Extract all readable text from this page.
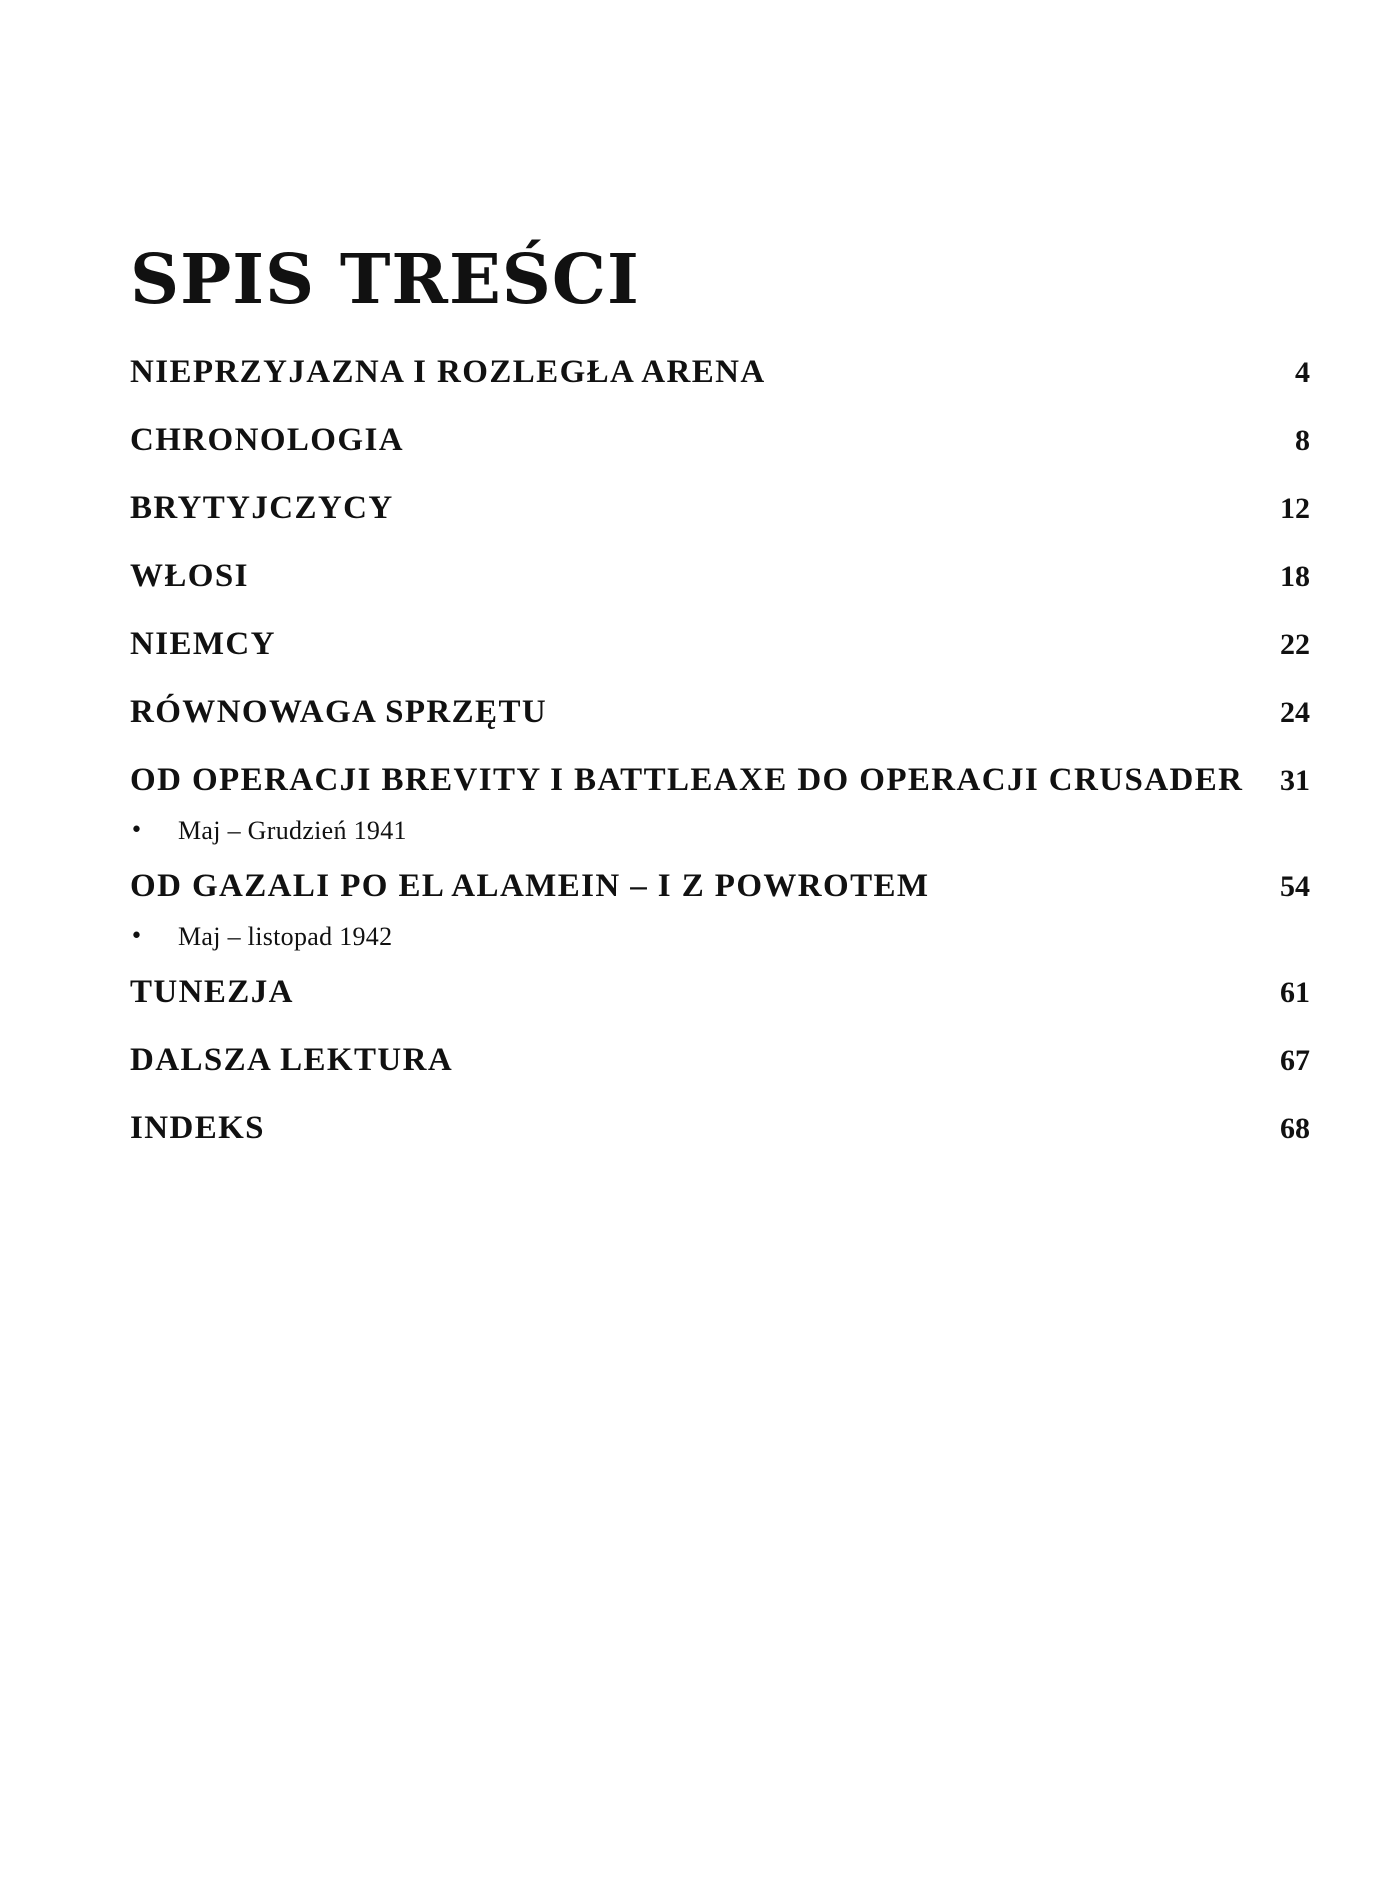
SPIS TREŚCI
NIEPRZYJAZNA I ROZLEGŁA ARENA	4
CHRONOLOGIA	8
BRYTYJCZYCY	12
WŁOSI	18
NIEMCY	22
RÓWNOWAGA SPRZĘTU	24
OD OPERACJI BREVITY I BATTLEAXE DO OPERACJI CRUSADER 31
•	Maj – Grudzień 1941
OD GAZALI PO EL ALAMEIN – I Z POWROTEM	54
•	Maj – listopad 1942
TUNEZJA	61
DALSZA LEKTURA	67
INDEKS	68
